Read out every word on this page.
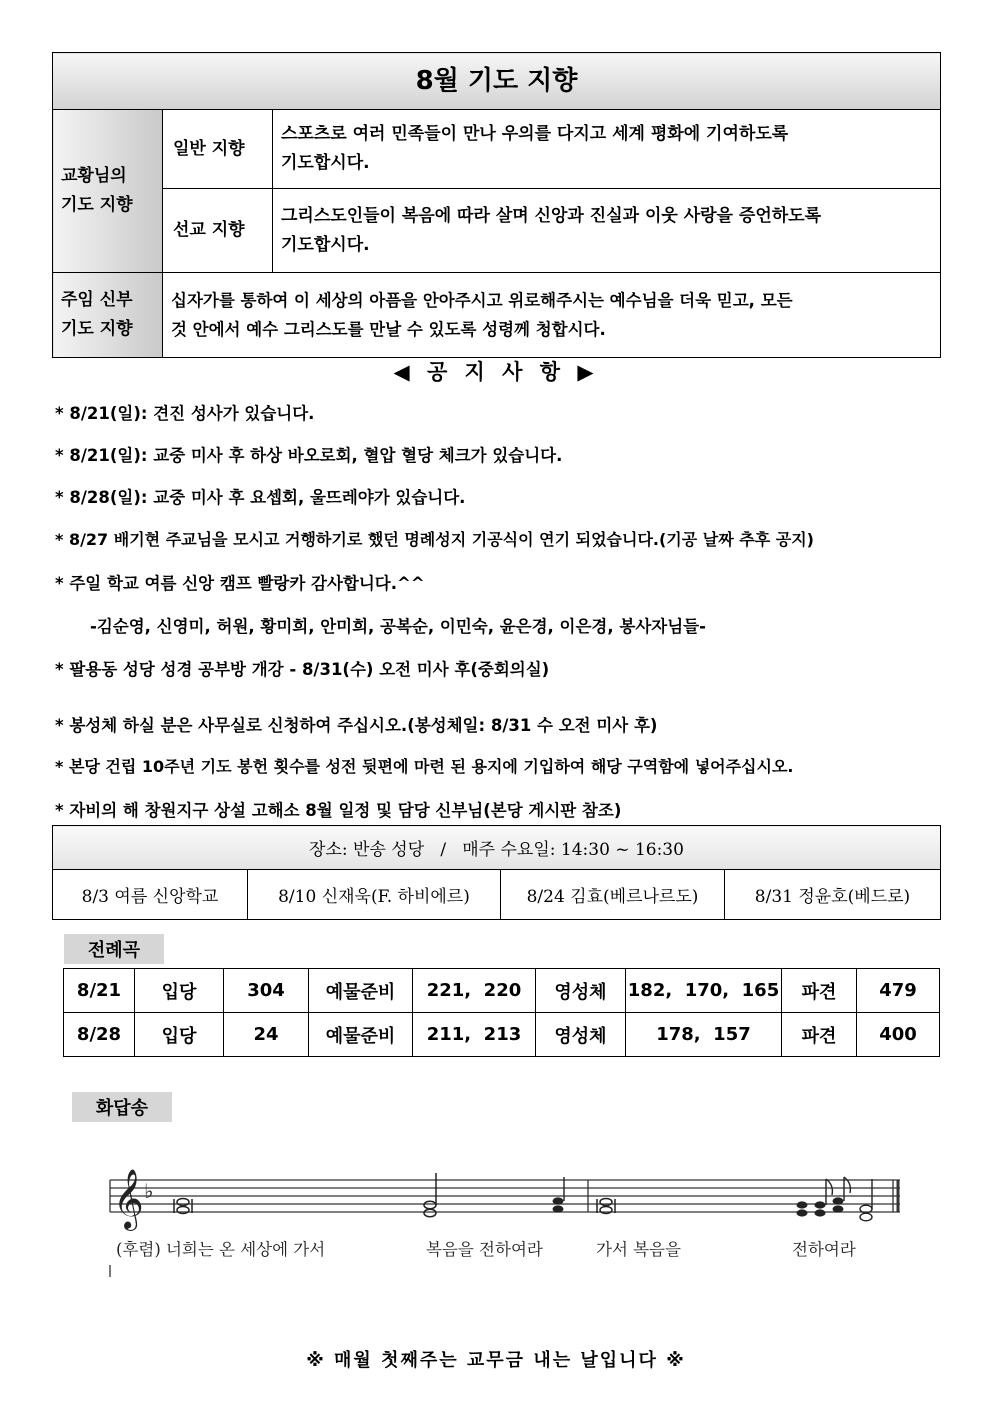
8월 기도 지향		
교황님의
기도 지향	일반 지향	스포츠로 여러 민족들이 만나 우의를 다지고 세계 평화에 기여하도록
기도합시다.
	선교 지향	그리스도인들이 복음에 따라 살며 신앙과 진실과 이웃 사랑을 증언하도록
기도합시다.
주임 신부
기도 지향	십자가를 통하여 이 세상의 아픔을 안아주시고 위로해주시는 예수님을 더욱 믿고, 모든
것 안에서 예수 그리스도를 만날 수 있도록 성령께 청합시다.	
◀ 공 지 사 항 ▶
* 8/21(일): 견진 성사가 있습니다.
* 8/21(일): 교중 미사 후 하상 바오로회, 혈압 혈당 체크가 있습니다.
* 8/28(일): 교중 미사 후 요셉회, 울뜨레야가 있습니다.
* 8/27 배기현 주교님을 모시고 거행하기로 했던 명례성지 기공식이 연기 되었습니다.(기공 날짜 추후 공지)
* 주일 학교 여름 신앙 캠프 빨랑카 감사합니다.^^
-김순영, 신영미, 허원, 황미희, 안미희, 공복순, 이민숙, 윤은경, 이은경, 봉사자님들-
* 팔용동 성당 성경 공부방 개강 - 8/31(수) 오전 미사 후(중회의실)
* 봉성체 하실 분은 사무실로 신청하여 주십시오.(봉성체일: 8/31 수 오전 미사 후)
* 본당 건립 10주년 기도 봉헌 횟수를 성전 뒷편에 마련 된 용지에 기입하여 해당 구역함에 넣어주십시오.
* 자비의 해 창원지구 상설 고해소 8월 일정 및 담당 신부님(본당 게시판 참조)
장소: 반송 성당   /   매주 수요일: 14:30 ~ 16:30
8/3 여름 신앙학교	8/10 신재욱(F. 하비에르)	8/24 김효(베르나르도)	8/31 정윤호(베드로)
전례곡
8/21	입당	304	예물준비	221,  220	영성체	182,  170,  165	파견	479
8/28	입당	24	예물준비	211,  213	영성체	178,  157	파견	400
화답송
𝄞 ♭
(후렴) 너희는 온 세상에 가서	복음을 전하여라	가서 복음을	전하여라
※ 매월 첫째주는 교무금 내는 날입니다 ※
